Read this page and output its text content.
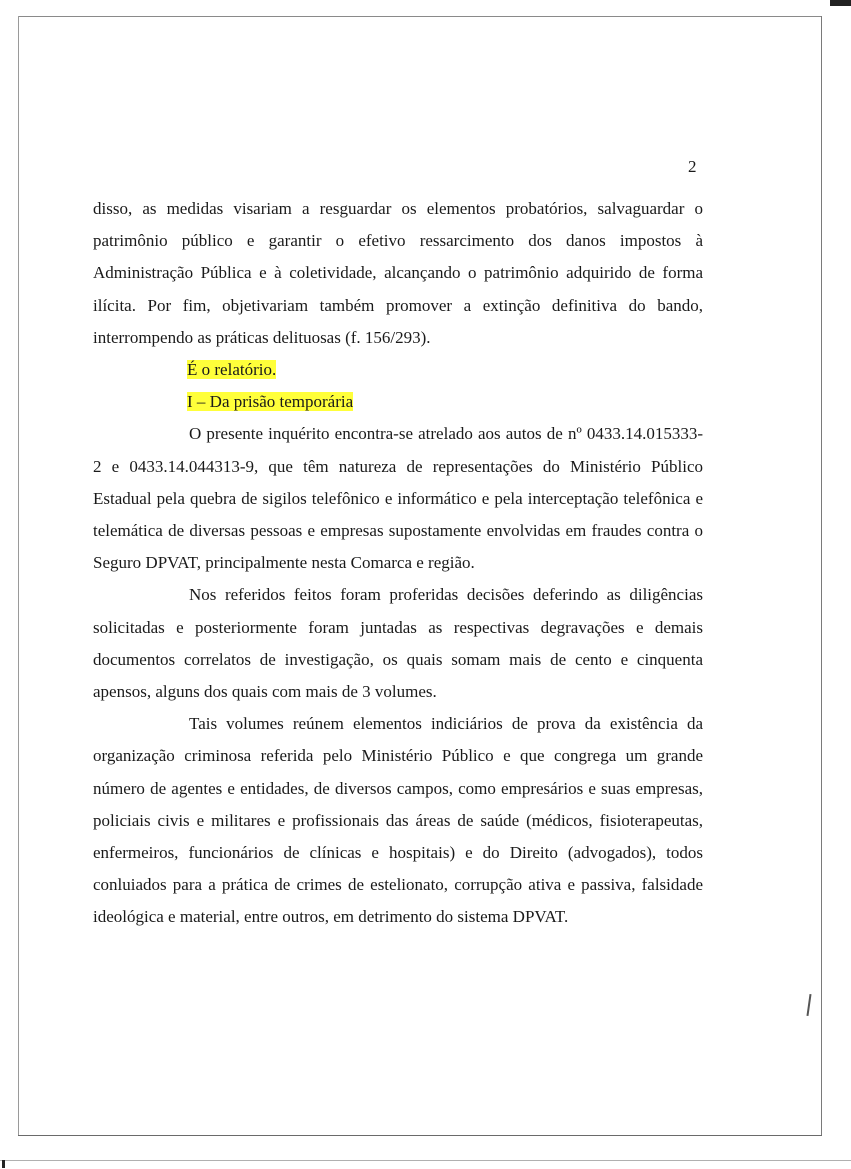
2

disso, as medidas visariam a resguardar os elementos probatórios, salvaguardar o patrimônio público e garantir o efetivo ressarcimento dos danos impostos à Administração Pública e à coletividade, alcançando o patrimônio adquirido de forma ilícita. Por fim, objetivariam também promover a extinção definitiva do bando, interrompendo as práticas delituosas (f. 156/293).

É o relatório.

I – Da prisão temporária

O presente inquérito encontra-se atrelado aos autos de nº 0433.14.015333-2 e 0433.14.044313-9, que têm natureza de representações do Ministério Público Estadual pela quebra de sigilos telefônico e informático e pela interceptação telefônica e telemática de diversas pessoas e empresas supostamente envolvidas em fraudes contra o Seguro DPVAT, principalmente nesta Comarca e região.

Nos referidos feitos foram proferidas decisões deferindo as diligências solicitadas e posteriormente foram juntadas as respectivas degravações e demais documentos correlatos de investigação, os quais somam mais de cento e cinquenta apensos, alguns dos quais com mais de 3 volumes.

Tais volumes reúnem elementos indiciários de prova da existência da organização criminosa referida pelo Ministério Público e que congrega um grande número de agentes e entidades, de diversos campos, como empresários e suas empresas, policiais civis e militares e profissionais das áreas de saúde (médicos, fisioterapeutas, enfermeiros, funcionários de clínicas e hospitais) e do Direito (advogados), todos conluiados para a prática de crimes de estelionato, corrupção ativa e passiva, falsidade ideológica e material, entre outros, em detrimento do sistema DPVAT.
